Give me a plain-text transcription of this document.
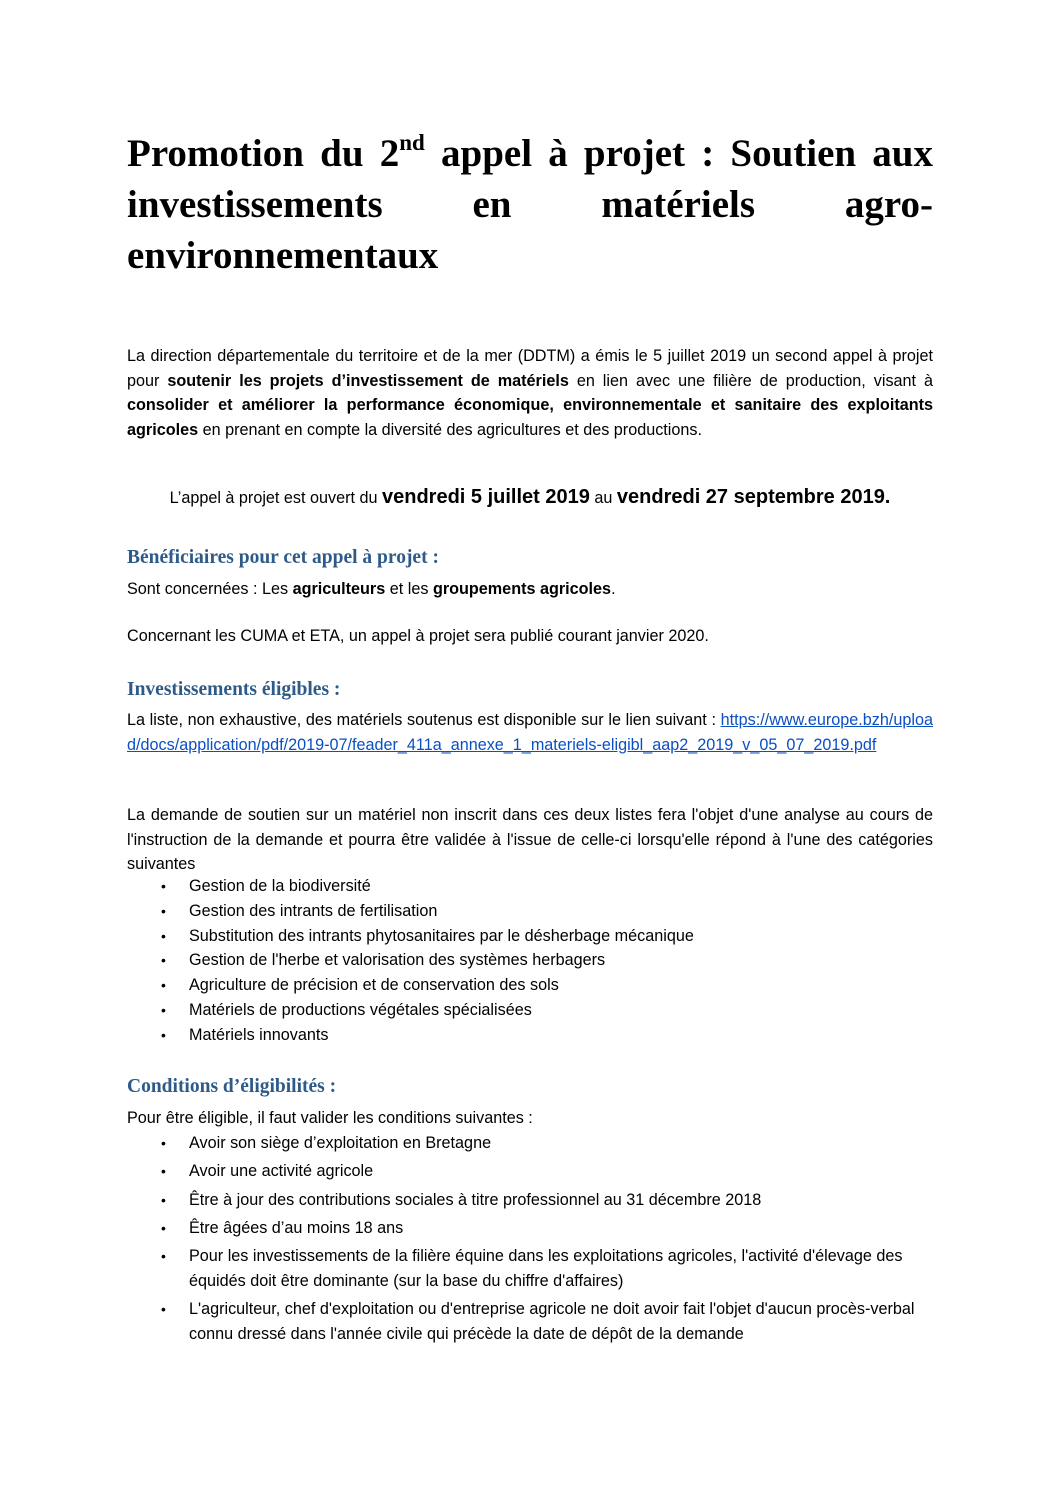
Promotion du 2nd appel à projet : Soutien aux investissements en matériels agro-environnementaux

La direction départementale du territoire et de la mer (DDTM) a émis le 5 juillet 2019 un second appel à projet pour soutenir les projets d’investissement de matériels en lien avec une filière de production, visant à consolider et améliorer la performance économique, environnementale et sanitaire des exploitants agricoles en prenant en compte la diversité des agricultures et des productions.

L’appel à projet est ouvert du vendredi 5 juillet 2019 au vendredi 27 septembre 2019.

Bénéficiaires pour cet appel à projet :

Sont concernées : Les agriculteurs et les groupements agricoles.

Concernant les CUMA et ETA, un appel à projet sera publié courant janvier 2020.

Investissements éligibles :

La liste, non exhaustive, des matériels soutenus est disponible sur le lien suivant : https://www.europe.bzh/upload/docs/application/pdf/2019-07/feader_411a_annexe_1_materiels-eligibl_aap2_2019_v_05_07_2019.pdf

La demande de soutien sur un matériel non inscrit dans ces deux listes fera l'objet d'une analyse au cours de l'instruction de la demande et pourra être validée à l'issue de celle-ci lorsqu'elle répond à l'une des catégories suivantes

• Gestion de la biodiversité
• Gestion des intrants de fertilisation
• Substitution des intrants phytosanitaires par le désherbage mécanique
• Gestion de l'herbe et valorisation des systèmes herbagers
• Agriculture de précision et de conservation des sols
• Matériels de productions végétales spécialisées
• Matériels innovants
Conditions d’éligibilités :

Pour être éligible, il faut valider les conditions suivantes :

• Avoir son siège d’exploitation en Bretagne
• Avoir une activité agricole
• Être à jour des contributions sociales à titre professionnel au 31 décembre 2018
• Être âgées d’au moins 18 ans
• Pour les investissements de la filière équine dans les exploitations agricoles, l'activité d'élevage des équidés doit être dominante (sur la base du chiffre d'affaires)
• L'agriculteur, chef d'exploitation ou d'entreprise agricole ne doit avoir fait l'objet d'aucun procès-verbal connu dressé dans l'année civile qui précède la date de dépôt de la demande
